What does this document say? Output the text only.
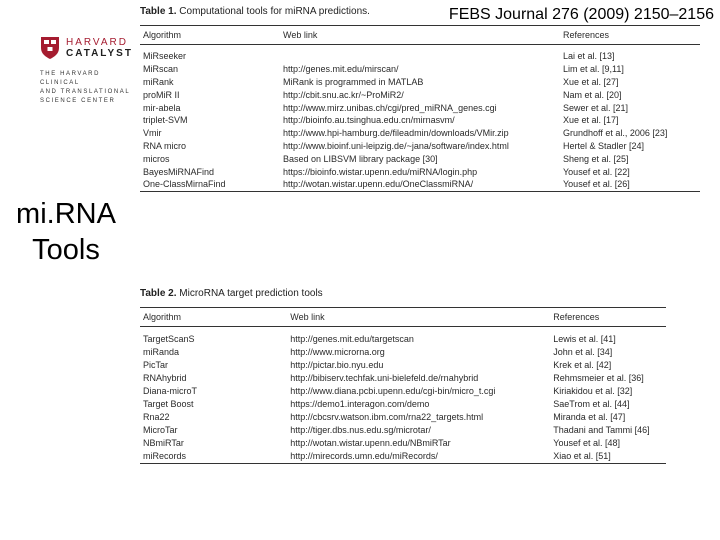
FEBS Journal 276 (2009) 2150–2156
HARVARD
CATALYST
THE HARVARD CLINICAL
AND TRANSLATIONAL
SCIENCE CENTER
mi.RNA
Tools
Table 1. Computational tools for miRNA predictions.
Algorithm	Web link	References
MiRseeker		Lai et al. [13]
MiRscan	http://genes.mit.edu/mirscan/	Lim et al. [9,11]
miRank	MiRank is programmed in MATLAB	Xue et al. [27]
proMiR II	http://cbit.snu.ac.kr/~ProMiR2/	Nam et al. [20]
mir-abela	http://www.mirz.unibas.ch/cgi/pred_miRNA_genes.cgi	Sewer et al. [21]
triplet-SVM	http://bioinfo.au.tsinghua.edu.cn/mirnasvm/	Xue et al. [17]
Vmir	http://www.hpi-hamburg.de/fileadmin/downloads/VMir.zip	Grundhoff et al., 2006 [23]
RNA micro	http://www.bioinf.uni-leipzig.de/~jana/software/index.html	Hertel & Stadler [24]
micros	Based on LIBSVM library package [30]	Sheng et al. [25]
BayesMiRNAFind	https://bioinfo.wistar.upenn.edu/miRNA/login.php	Yousef et al. [22]
One-ClassMirnaFind	http://wotan.wistar.upenn.edu/OneClassmiRNA/	Yousef et al. [26]
Table 2. MicroRNA target prediction tools
Algorithm	Web link	References
TargetScanS	http://genes.mit.edu/targetscan	Lewis et al. [41]
miRanda	http://www.microrna.org	John et al. [34]
PicTar	http://pictar.bio.nyu.edu	Krek et al. [42]
RNAhybrid	http://bibiserv.techfak.uni-bielefeld.de/rnahybrid	Rehmsmeier et al. [36]
Diana-microT	http://www.diana.pcbi.upenn.edu/cgi-bin/micro_t.cgi	Kiriakidou et al. [32]
Target Boost	https://demo1.interagon.com/demo	SaeTrom et al. [44]
Rna22	http://cbcsrv.watson.ibm.com/rna22_targets.html	Miranda et al. [47]
MicroTar	http://tiger.dbs.nus.edu.sg/microtar/	Thadani and Tammi [46]
NBmiRTar	http://wotan.wistar.upenn.edu/NBmiRTar	Yousef et al. [48]
miRecords	http://mirecords.umn.edu/miRecords/	Xiao et al. [51]
